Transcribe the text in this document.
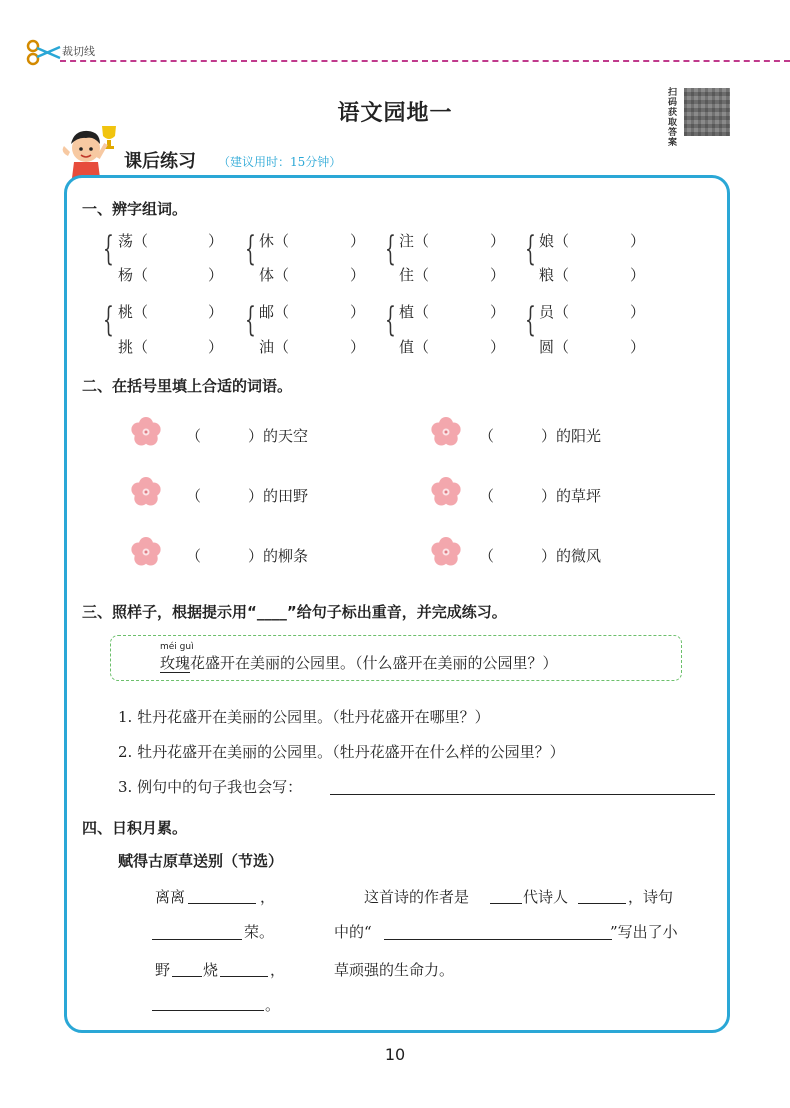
裁切线
语文园地一
扫码获取答案
课后练习 （建议用时：15分钟）
一、辨字组词。
{ 荡（	）
杨（	）
{ 休（	）
体（	）
{ 注（	）
住（	）
{ 娘（	）
粮（	）
{ 桃（	）
挑（	）
{ 邮（	）
油（	）
{ 植（	）
值（	）
{ 员（	）
圆（	）
二、在括号里填上合适的词语。
（	）的天空	（	）的阳光
（	）的田野	（	）的草坪
（	）的柳条	（	）的微风
三、照样子，根据提示用“____”给句子标出重音，并完成练习。
méi guì
玫瑰花盛开在美丽的公园里。（什么盛开在美丽的公园里？）
1. 牡丹花盛开在美丽的公园里。（牡丹花盛开在哪里？）
2. 牡丹花盛开在美丽的公园里。（牡丹花盛开在什么样的公园里？）
3. 例句中的句子我也会写：
四、日积月累。
赋得古原草送别（节选）
离离	，
荣。
野 烧	，
。
这首诗的作者是	代诗人	，诗句
中的“	”写出了小
草顽强的生命力。
10
